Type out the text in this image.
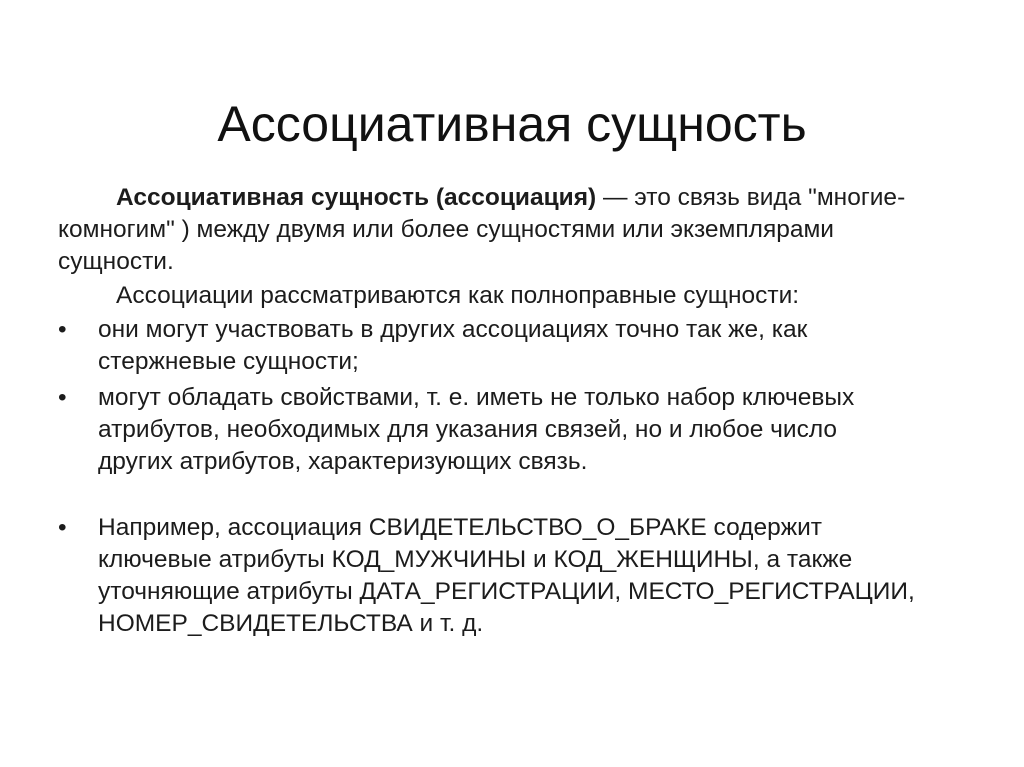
Ассоциативная сущность

Ассоциативная сущность (ассоциация) — это связь вида "многие-комногим" ) между двумя или более сущностями или экземплярами сущности.

Ассоциации рассматриваются как полноправные сущности:

•	они могут участвовать в других ассоциациях точно так же, как стержневые сущности;
•	могут обладать свойствами, т. е. иметь не только набор ключевых атрибутов, необходимых для указания связей, но и любое число других атрибутов, характеризующих связь.
•	Например, ассоциация СВИДЕТЕЛЬСТВО_О_БРАКЕ содержит ключевые атрибуты КОД_МУЖЧИНЫ и КОД_ЖЕНЩИНЫ, а также уточняющие атрибуты ДАТА_РЕГИСТРАЦИИ, МЕСТО_РЕГИСТРАЦИИ, НОМЕР_СВИДЕТЕЛЬСТВА и т. д.
